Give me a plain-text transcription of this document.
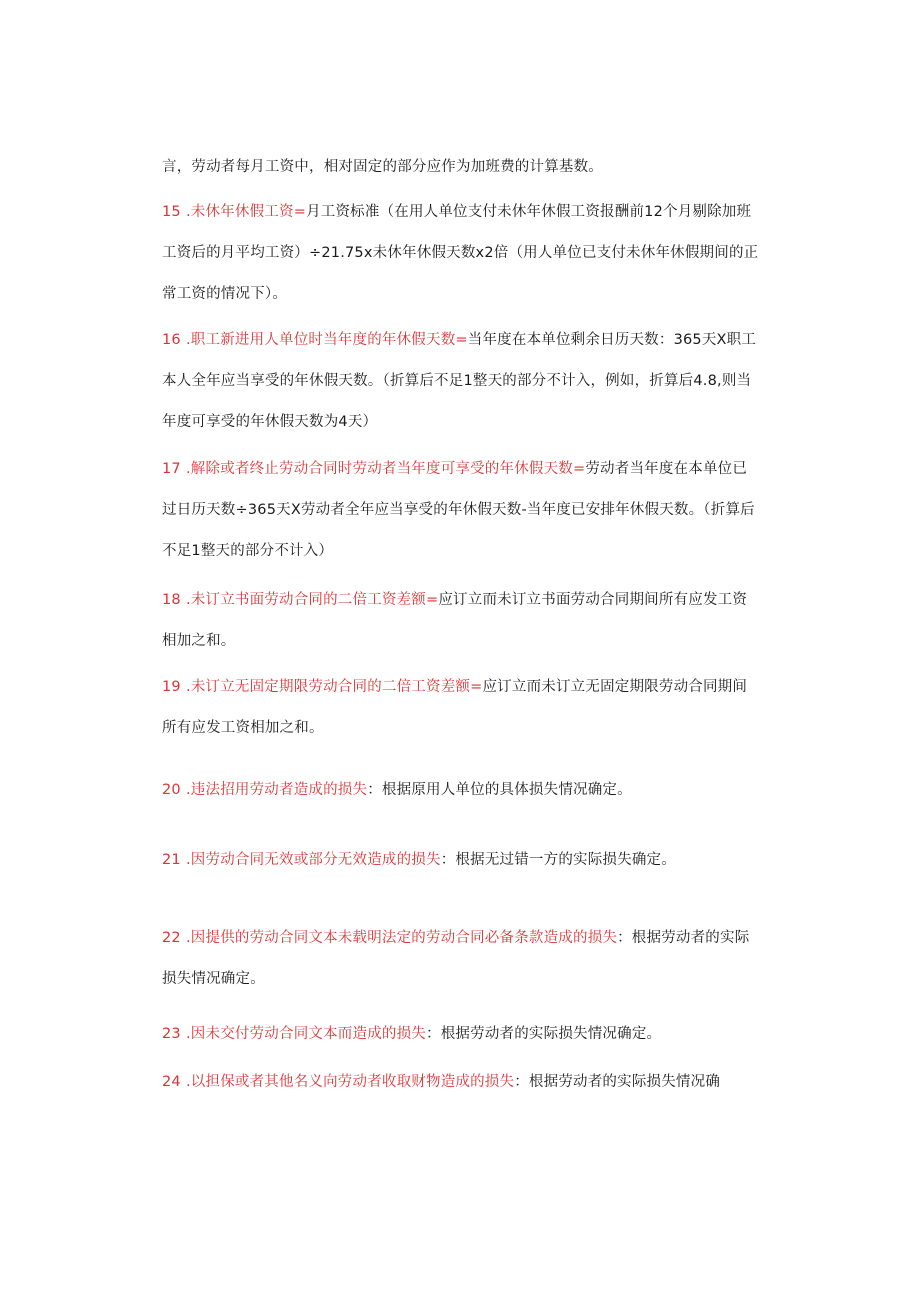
言，劳动者每月工资中，相对固定的部分应作为加班费的计算基数。

15 .未休年休假工资=月工资标准（在用人单位支付未休年休假工资报酬前12个月剔除加班工资后的月平均工资）÷21.75x未休年休假天数x2倍（用人单位已支付未休年休假期间的正常工资的情况下）。

16 .职工新进用人单位时当年度的年休假天数=当年度在本单位剩余日历天数：365天X职工本人全年应当享受的年休假天数。（折算后不足1整天的部分不计入，例如，折算后4.8,则当年度可享受的年休假天数为4天）

17 .解除或者终止劳动合同时劳动者当年度可享受的年休假天数=劳动者当年度在本单位已过日历天数÷365天X劳动者全年应当享受的年休假天数-当年度已安排年休假天数。（折算后不足1整天的部分不计入）

18 .未订立书面劳动合同的二倍工资差额=应订立而未订立书面劳动合同期间所有应发工资相加之和。

19 .未订立无固定期限劳动合同的二倍工资差额=应订立而未订立无固定期限劳动合同期间所有应发工资相加之和。

20 .违法招用劳动者造成的损失：根据原用人单位的具体损失情况确定。

21 .因劳动合同无效或部分无效造成的损失：根据无过错一方的实际损失确定。

22 .因提供的劳动合同文本未载明法定的劳动合同必备条款造成的损失：根据劳动者的实际损失情况确定。

23 .因未交付劳动合同文本而造成的损失：根据劳动者的实际损失情况确定。

24 .以担保或者其他名义向劳动者收取财物造成的损失：根据劳动者的实际损失情况确
